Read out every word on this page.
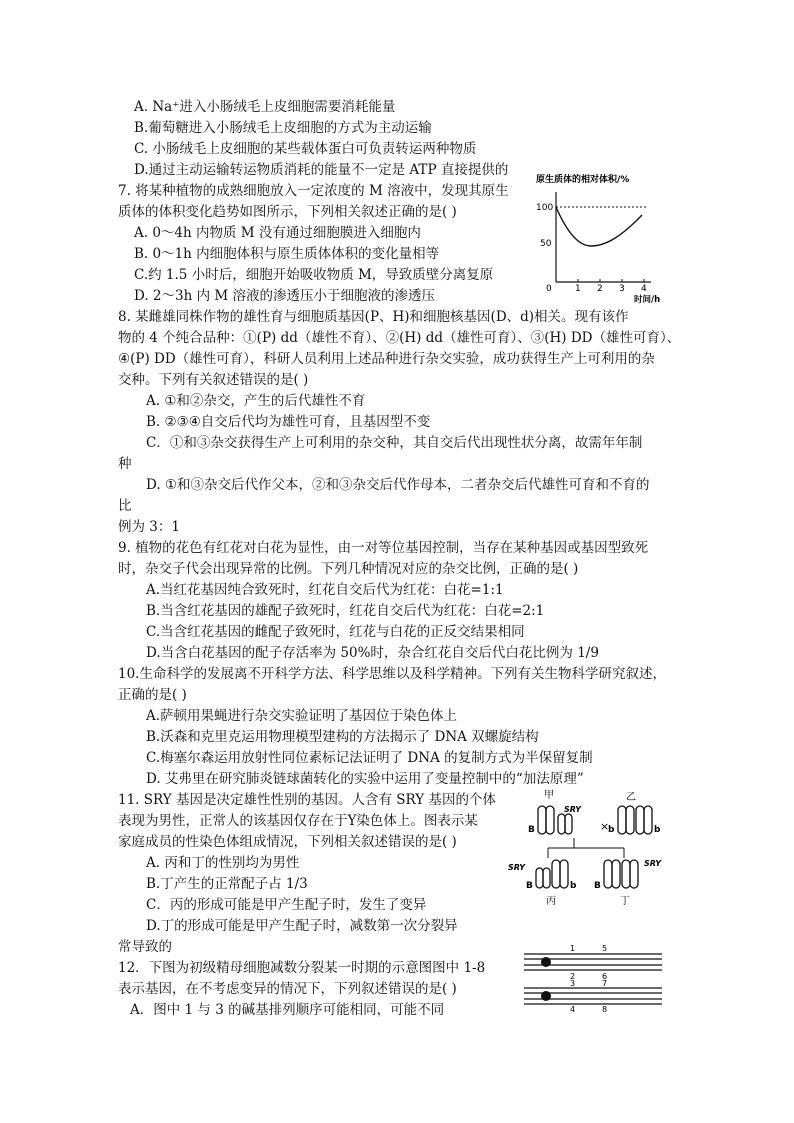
A. Na⁺进入小肠绒毛上皮细胞需要消耗能量
B.葡萄糖进入小肠绒毛上皮细胞的方式为主动运输
C. 小肠绒毛上皮细胞的某些载体蛋白可负责转运两种物质
D.通过主动运输转运物质消耗的能量不一定是 ATP 直接提供的
7. 将某种植物的成熟细胞放入一定浓度的 M 溶液中，发现其原生
质体的体积变化趋势如图所示，下列相关叙述正确的是( )
A. 0～4h 内物质 M 没有通过细胞膜进入细胞内
B. 0～1h 内细胞体积与原生质体体积的变化量相等
C.约 1.5 小时后，细胞开始吸收物质 M，导致质壁分离复原
D. 2～3h 内 M 溶液的渗透压小于细胞液的渗透压
8. 某雌雄同株作物的雄性育与细胞质基因(P、H)和细胞核基因(D、d)相关。现有该作
物的 4 个纯合品种：①(P) dd（雄性不育）、②(H) dd（雄性可育）、③(H) DD（雄性可育）、
④(P) DD（雄性可育），科研人员利用上述品种进行杂交实验，成功获得生产上可利用的杂
交种。下列有关叙述错误的是( )
A. ①和②杂交，产生的后代雄性不育
B. ②③④自交后代均为雄性可育，且基因型不变
C．①和③杂交获得生产上可利用的杂交种，其自交后代出现性状分离，故需年年制
种
D. ①和③杂交后代作父本，②和③杂交后代作母本，二者杂交后代雄性可育和不育的
比
例为 3：1
9. 植物的花色有红花对白花为显性，由一对等位基因控制，当存在某种基因或基因型致死
时，杂交子代会出现异常的比例。下列几种情况对应的杂交比例，正确的是( )
A.当红花基因纯合致死时，红花自交后代为红花：白花=1:1
B.当含红花基因的雄配子致死时，红花自交后代为红花：白花=2:1
C.当含红花基因的雌配子致死时，红花与白花的正反交结果相同
D.当含白花基因的配子存活率为 50%时，杂合红花自交后代白花比例为 1/9
10.生命科学的发展离不开科学方法、科学思维以及科学精神。下列有关生物科学研究叙述，
正确的是( )
A.萨顿用果蝇进行杂交实验证明了基因位于染色体上
B.沃森和克里克运用物理模型建构的方法揭示了 DNA 双螺旋结构
C.梅塞尔森运用放射性同位素标记法证明了 DNA 的复制方式为半保留复制
D. 艾弗里在研究肺炎链球菌转化的实验中运用了变量控制中的“加法原理”
11. SRY 基因是决定雄性性别的基因。人含有 SRY 基因的个体
表现为男性，正常人的该基因仅存在于Y染色体上。图表示某
家庭成员的性染色体组成情况，下列相关叙述错误的是( )
A. 丙和丁的性别均为男性
B.丁产生的正常配子占 1/3
C．丙的形成可能是甲产生配子时，发生了变异
D.丁的形成可能是甲产生配子时，减数第一次分裂异
常导致的
12．下图为初级精母细胞减数分裂某一时期的示意图图中 1-8
表示基因，在不考虑变异的情况下，下列叙述错误的是( )
A．图中 1 与 3 的碱基排列顺序可能相同，可能不同
原生质体的相对体积/%
100
50
0	1 2 3 4
时间/h
甲	乙
SRY
×
B	b	b
SRY
B	b
丙
SRY
B
丁
1
2
3
4
5
6
7
8
